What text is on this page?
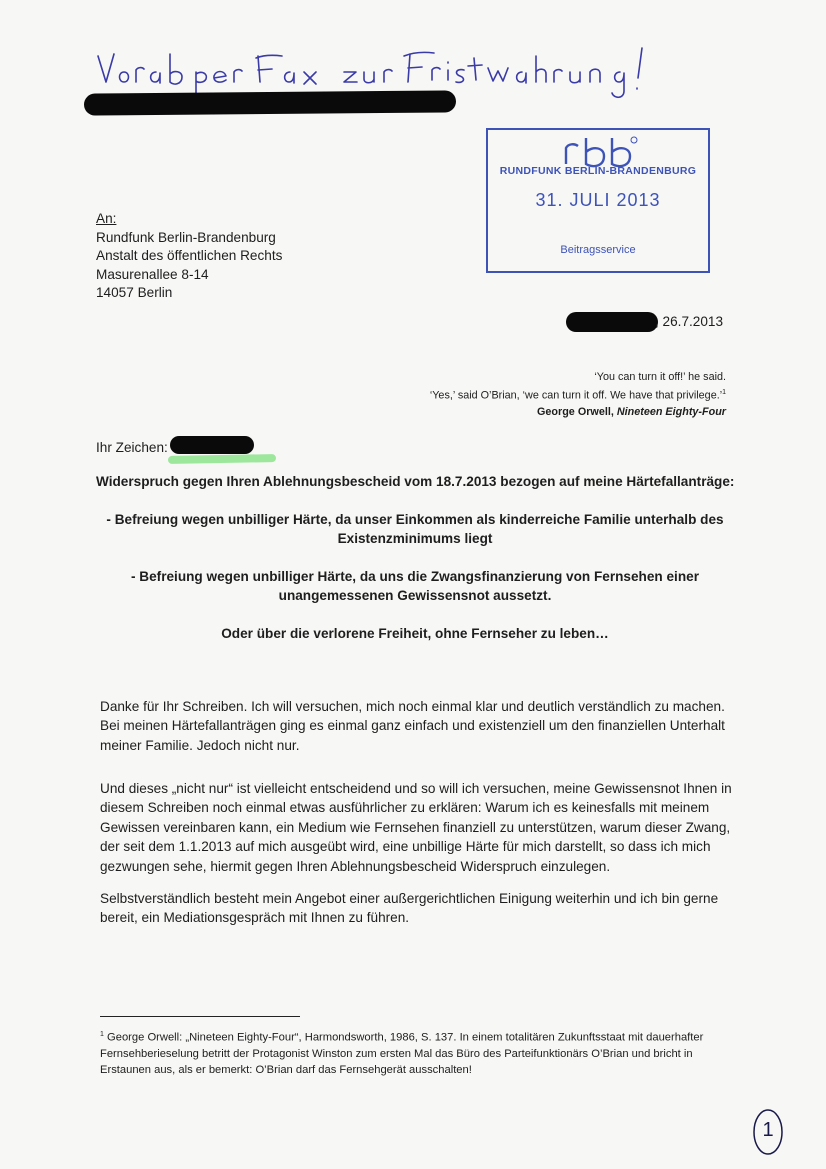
RUNDFUNK BERLIN-BRANDENBURG
31. JULI 2013
Beitragsservice
An:
Rundfunk Berlin-Brandenburg
Anstalt des öffentlichen Rechts
Masurenallee 8-14
14057 Berlin
, 26.7.2013
‘You can turn it off!’ he said.
‘Yes,’ said O’Brian, ‘we can turn it off. We have that privilege.’$^1$
George Orwell, Nineteen Eighty-Four
Ihr Zeichen:
Widerspruch gegen Ihren Ablehnungsbescheid vom 18.7.2013 bezogen auf meine Härtefallanträge:
- Befreiung wegen unbilliger Härte, da unser Einkommen als kinderreiche Familie unterhalb des Existenzminimums liegt
- Befreiung wegen unbilliger Härte, da uns die Zwangsfinanzierung von Fernsehen einer unangemessenen Gewissensnot aussetzt.
Oder über die verlorene Freiheit, ohne Fernseher zu leben…
Danke für Ihr Schreiben. Ich will versuchen, mich noch einmal klar und deutlich verständlich zu machen. Bei meinen Härtefallanträgen ging es einmal ganz einfach und existenziell um den finanziellen Unterhalt meiner Familie. Jedoch nicht nur.
Und dieses „nicht nur“ ist vielleicht entscheidend und so will ich versuchen, meine Gewissensnot Ihnen in diesem Schreiben noch einmal etwas ausführlicher zu erklären: Warum ich es keinesfalls mit meinem Gewissen vereinbaren kann, ein Medium wie Fernsehen finanziell zu unterstützen, warum dieser Zwang, der seit dem 1.1.2013 auf mich ausgeübt wird, eine unbillige Härte für mich darstellt, so dass ich mich gezwungen sehe, hiermit gegen Ihren Ablehnungsbescheid Widerspruch einzulegen.
Selbstverständlich besteht mein Angebot einer außergerichtlichen Einigung weiterhin und ich bin gerne bereit, ein Mediationsgespräch mit Ihnen zu führen.
$^1$ George Orwell: „Nineteen Eighty-Four“, Harmondsworth, 1986, S. 137. In einem totalitären Zukunftsstaat mit dauerhafter Fernsehberieselung betritt der Protagonist Winston zum ersten Mal das Büro des Parteifunktionärs O’Brian und bricht in Erstaunen aus, als er bemerkt: O’Brian darf das Fernsehgerät ausschalten!
1
